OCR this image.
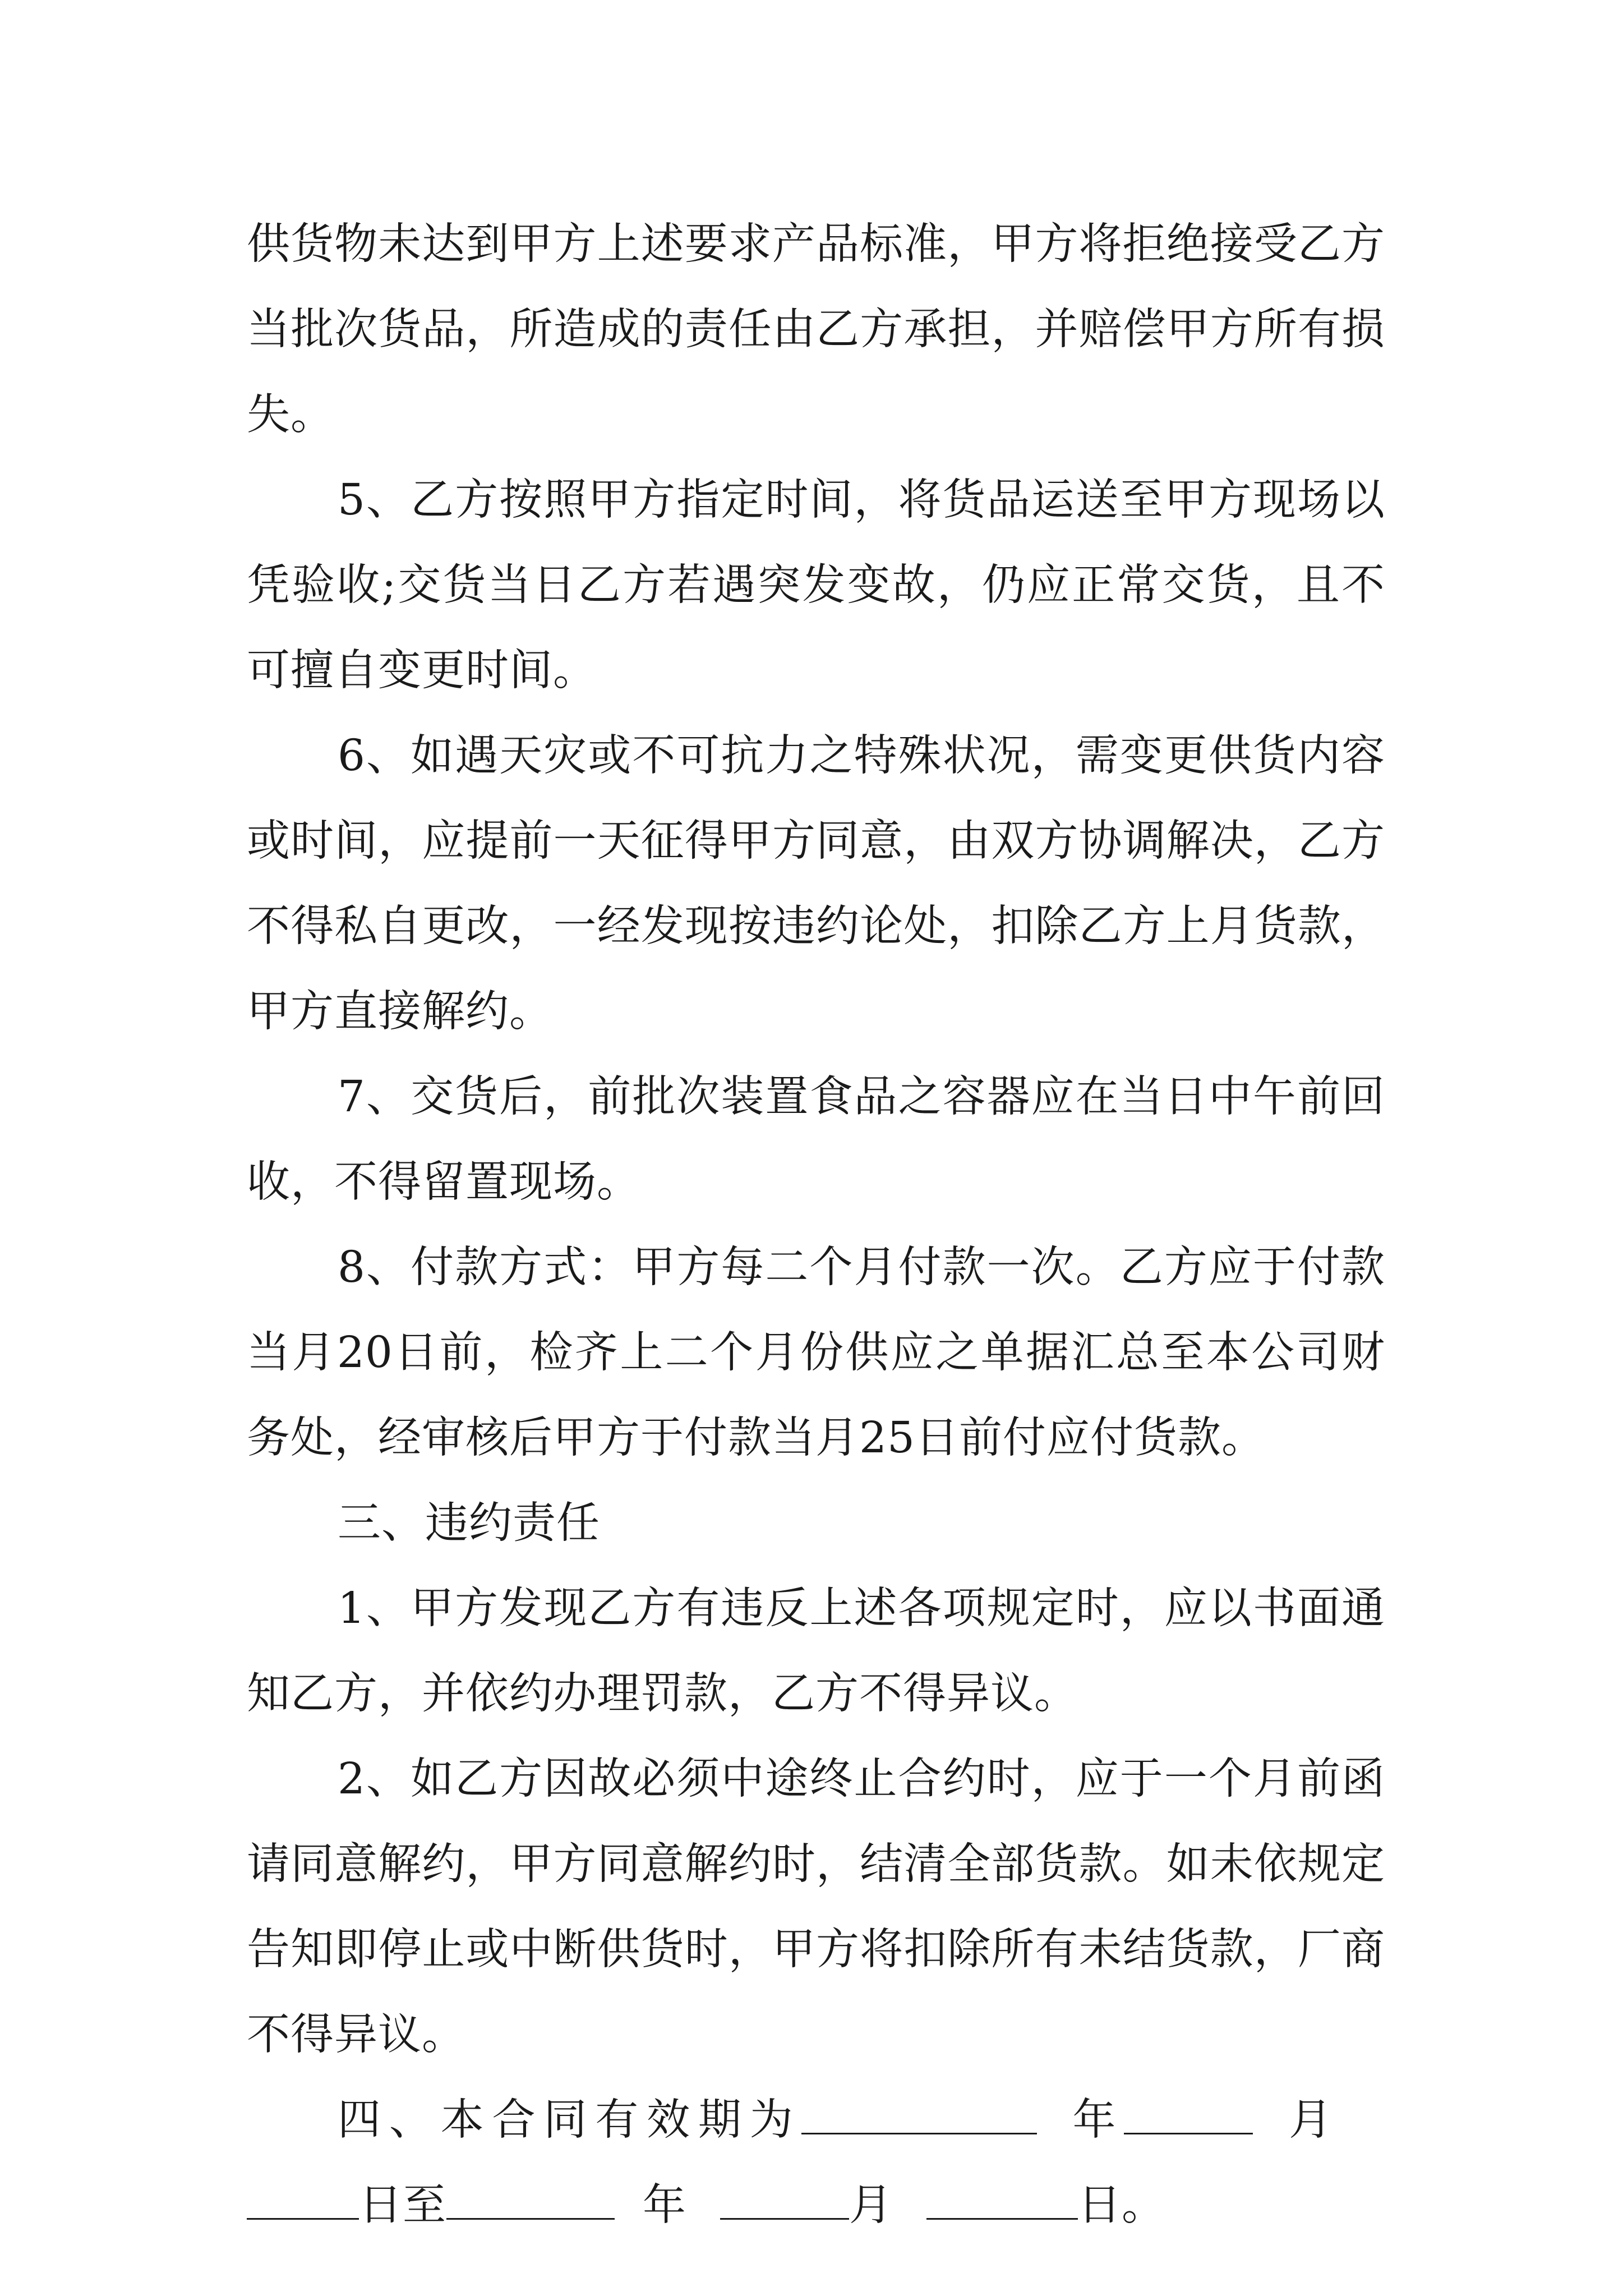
供货物未达到甲方上述要求产品标准，甲方将拒绝接受乙方当批次货品，所造成的责任由乙方承担，并赔偿甲方所有损失。

5、乙方按照甲方指定时间，将货品运送至甲方现场以凭验收;交货当日乙方若遇突发变故，仍应正常交货，且不可擅自变更时间。

6、如遇天灾或不可抗力之特殊状况，需变更供货内容或时间，应提前一天征得甲方同意，由双方协调解决，乙方不得私自更改，一经发现按违约论处，扣除乙方上月货款，甲方直接解约。

7、交货后，前批次装置食品之容器应在当日中午前回收，不得留置现场。

8、付款方式：甲方每二个月付款一次。乙方应于付款当月20日前，检齐上二个月份供应之单据汇总至本公司财务处，经审核后甲方于付款当月25日前付应付货款。

三、违约责任

1、甲方发现乙方有违反上述各项规定时，应以书面通知乙方，并依约办理罚款，乙方不得异议。

2、如乙方因故必须中途终止合约时，应于一个月前函请同意解约，甲方同意解约时，结清全部货款。如未依规定告知即停止或中断供货时，甲方将扣除所有未结货款，厂商不得异议。

四、本合同有效期为	年	月日至	年	月	日。
